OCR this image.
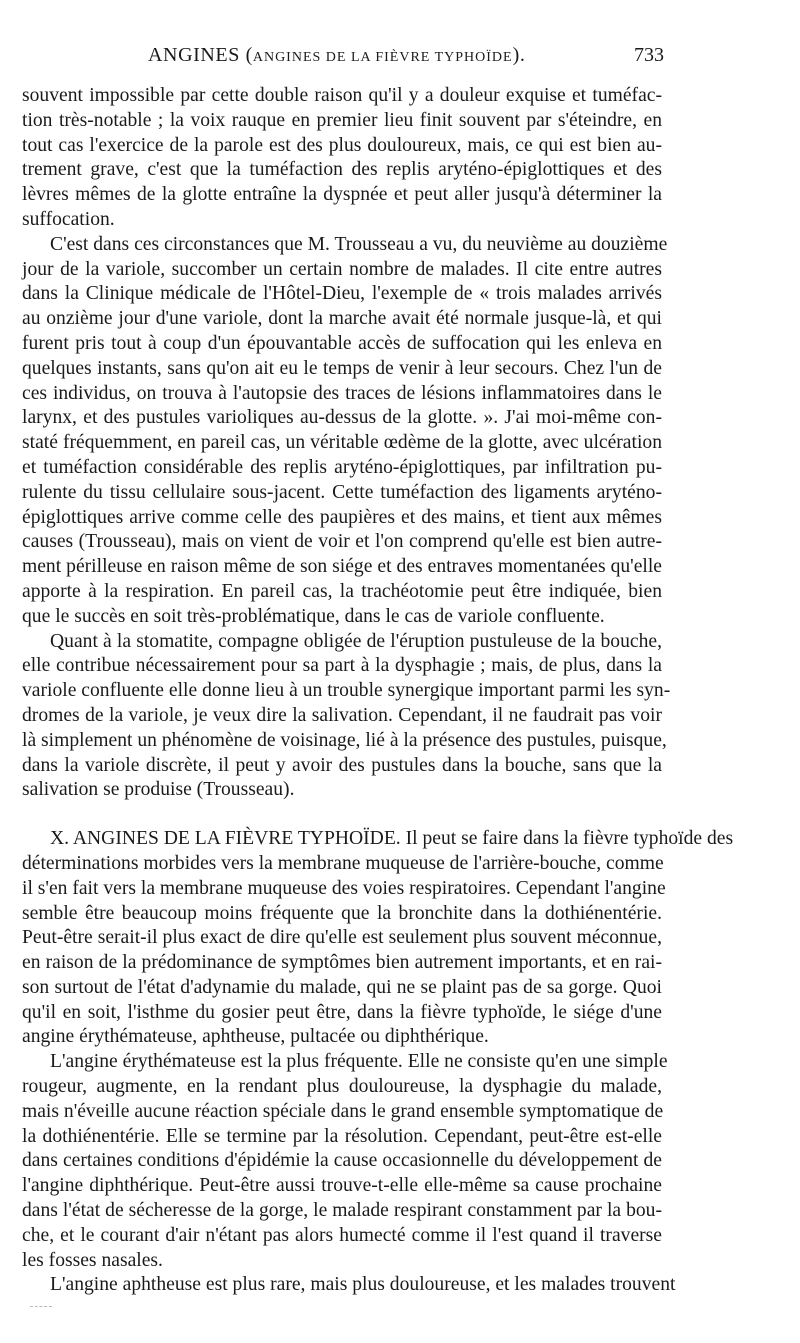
ANGINES (ANGINES DE LA FIÈVRE TYPHOÏDE).	733

souvent impossible par cette double raison qu'il y a douleur exquise et tuméfac-
tion très-notable ; la voix rauque en premier lieu finit souvent par s'éteindre, en
tout cas l'exercice de la parole est des plus douloureux, mais, ce qui est bien au-
trement grave, c'est que la tuméfaction des replis aryténo-épiglottiques et des
lèvres mêmes de la glotte entraîne la dyspnée et peut aller jusqu'à déterminer la
suffocation.

C'est dans ces circonstances que M. Trousseau a vu, du neuvième au douzième
jour de la variole, succomber un certain nombre de malades. Il cite entre autres
dans la Clinique médicale de l'Hôtel-Dieu, l'exemple de « trois malades arrivés
au onzième jour d'une variole, dont la marche avait été normale jusque-là, et qui
furent pris tout à coup d'un épouvantable accès de suffocation qui les enleva en
quelques instants, sans qu'on ait eu le temps de venir à leur secours. Chez l'un de
ces individus, on trouva à l'autopsie des traces de lésions inflammatoires dans le
larynx, et des pustules varioliques au-dessus de la glotte. ». J'ai moi-même con-
staté fréquemment, en pareil cas, un véritable œdème de la glotte, avec ulcération
et tuméfaction considérable des replis aryténo-épiglottiques, par infiltration pu-
rulente du tissu cellulaire sous-jacent. Cette tuméfaction des ligaments aryténo-
épiglottiques arrive comme celle des paupières et des mains, et tient aux mêmes
causes (Trousseau), mais on vient de voir et l'on comprend qu'elle est bien autre-
ment périlleuse en raison même de son siége et des entraves momentanées qu'elle
apporte à la respiration. En pareil cas, la trachéotomie peut être indiquée, bien
que le succès en soit très-problématique, dans le cas de variole confluente.

Quant à la stomatite, compagne obligée de l'éruption pustuleuse de la bouche,
elle contribue nécessairement pour sa part à la dysphagie ; mais, de plus, dans la
variole confluente elle donne lieu à un trouble synergique important parmi les syn-
dromes de la variole, je veux dire la salivation. Cependant, il ne faudrait pas voir
là simplement un phénomène de voisinage, lié à la présence des pustules, puisque,
dans la variole discrète, il peut y avoir des pustules dans la bouche, sans que la
salivation se produise (Trousseau).

X. ANGINES DE LA FIÈVRE TYPHOÏDE. Il peut se faire dans la fièvre typhoïde des
déterminations morbides vers la membrane muqueuse de l'arrière-bouche, comme
il s'en fait vers la membrane muqueuse des voies respiratoires. Cependant l'angine
semble être beaucoup moins fréquente que la bronchite dans la dothiénentérie.
Peut-être serait-il plus exact de dire qu'elle est seulement plus souvent méconnue,
en raison de la prédominance de symptômes bien autrement importants, et en rai-
son surtout de l'état d'adynamie du malade, qui ne se plaint pas de sa gorge. Quoi
qu'il en soit, l'isthme du gosier peut être, dans la fièvre typhoïde, le siége d'une
angine érythémateuse, aphtheuse, pultacée ou diphthérique.

L'angine érythémateuse est la plus fréquente. Elle ne consiste qu'en une simple
rougeur, augmente, en la rendant plus douloureuse, la dysphagie du malade,
mais n'éveille aucune réaction spéciale dans le grand ensemble symptomatique de
la dothiénentérie. Elle se termine par la résolution. Cependant, peut-être est-elle
dans certaines conditions d'épidémie la cause occasionnelle du développement de
l'angine diphthérique. Peut-être aussi trouve-t-elle elle-même sa cause prochaine
dans l'état de sécheresse de la gorge, le malade respirant constamment par la bou-
che, et le courant d'air n'étant pas alors humecté comme il l'est quand il traverse
les fosses nasales.

L'angine aphtheuse est plus rare, mais plus douloureuse, et les malades trouvent
